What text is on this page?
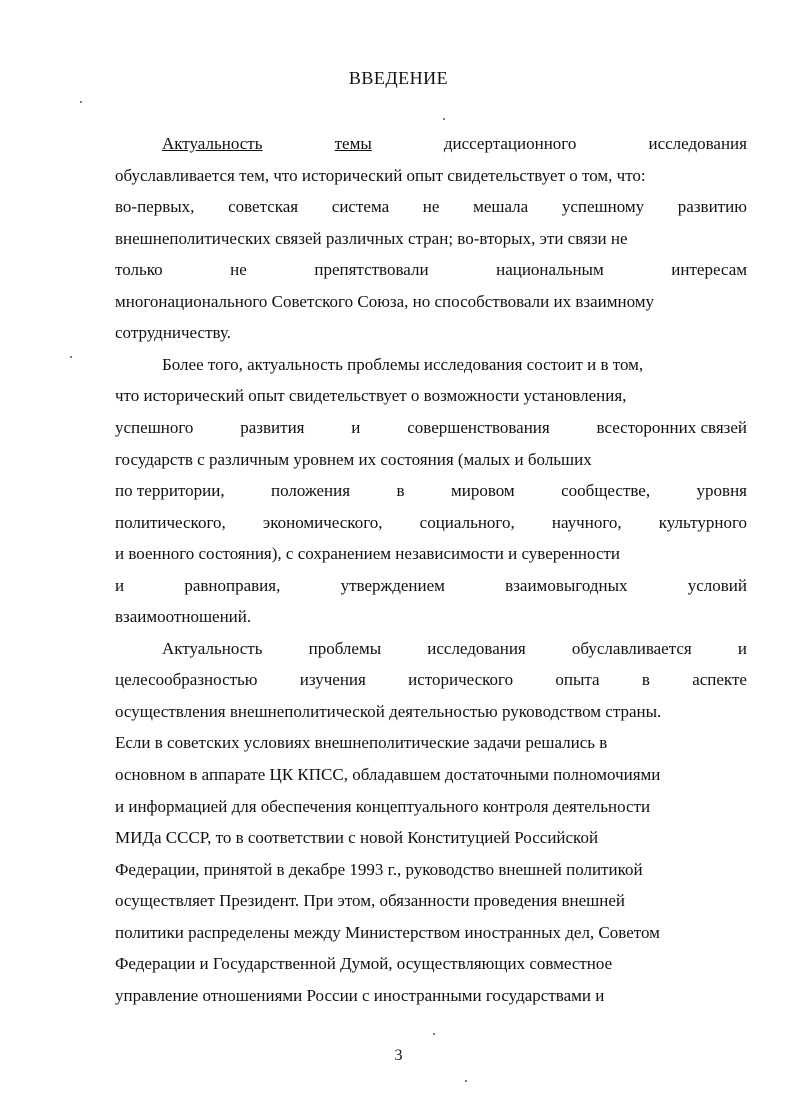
ВВЕДЕНИЕ
Актуальность	темы	диссертационного	исследования
обуславливается тем, что исторический опыт свидетельствует о том, что:
во-первых, советская система не мешала успешному развитию
внешнеполитических связей различных стран; во-вторых, эти связи не
только	не	препятствовали	национальным	интересам
многонационального Советского Союза, но способствовали их взаимному
сотрудничеству.
Более того, актуальность проблемы исследования состоит и в том,
что исторический опыт свидетельствует о возможности установления,
успешного	развития	и	совершенствования	всесторонних связей
государств с различным уровнем их состояния (малых и больших
по территории,	положения	в	мировом	сообществе,	уровня
политического, экономического, социального, научного, культурного
и военного состояния), с сохранением независимости и суверенности
и	равноправия,	утверждением	взаимовыгодных	условий
взаимоотношений.
Актуальность	проблемы	исследования	обуславливается	и
целесообразностью изучения исторического опыта в аспекте
осуществления внешнеполитической деятельностью руководством страны.
Если в советских условиях внешнеполитические задачи решались в
основном в аппарате ЦК КПСС, обладавшем достаточными полномочиями
и информацией для обеспечения концептуального контроля деятельности
МИДа СССР, то в соответствии с новой Конституцией Российской
Федерации, принятой в декабре 1993 г., руководство внешней политикой
осуществляет Президент. При этом, обязанности проведения внешней
политики распределены между Министерством иностранных дел, Советом
Федерации и Государственной Думой, осуществляющих совместное
управление отношениями России с иностранными государствами и
3
